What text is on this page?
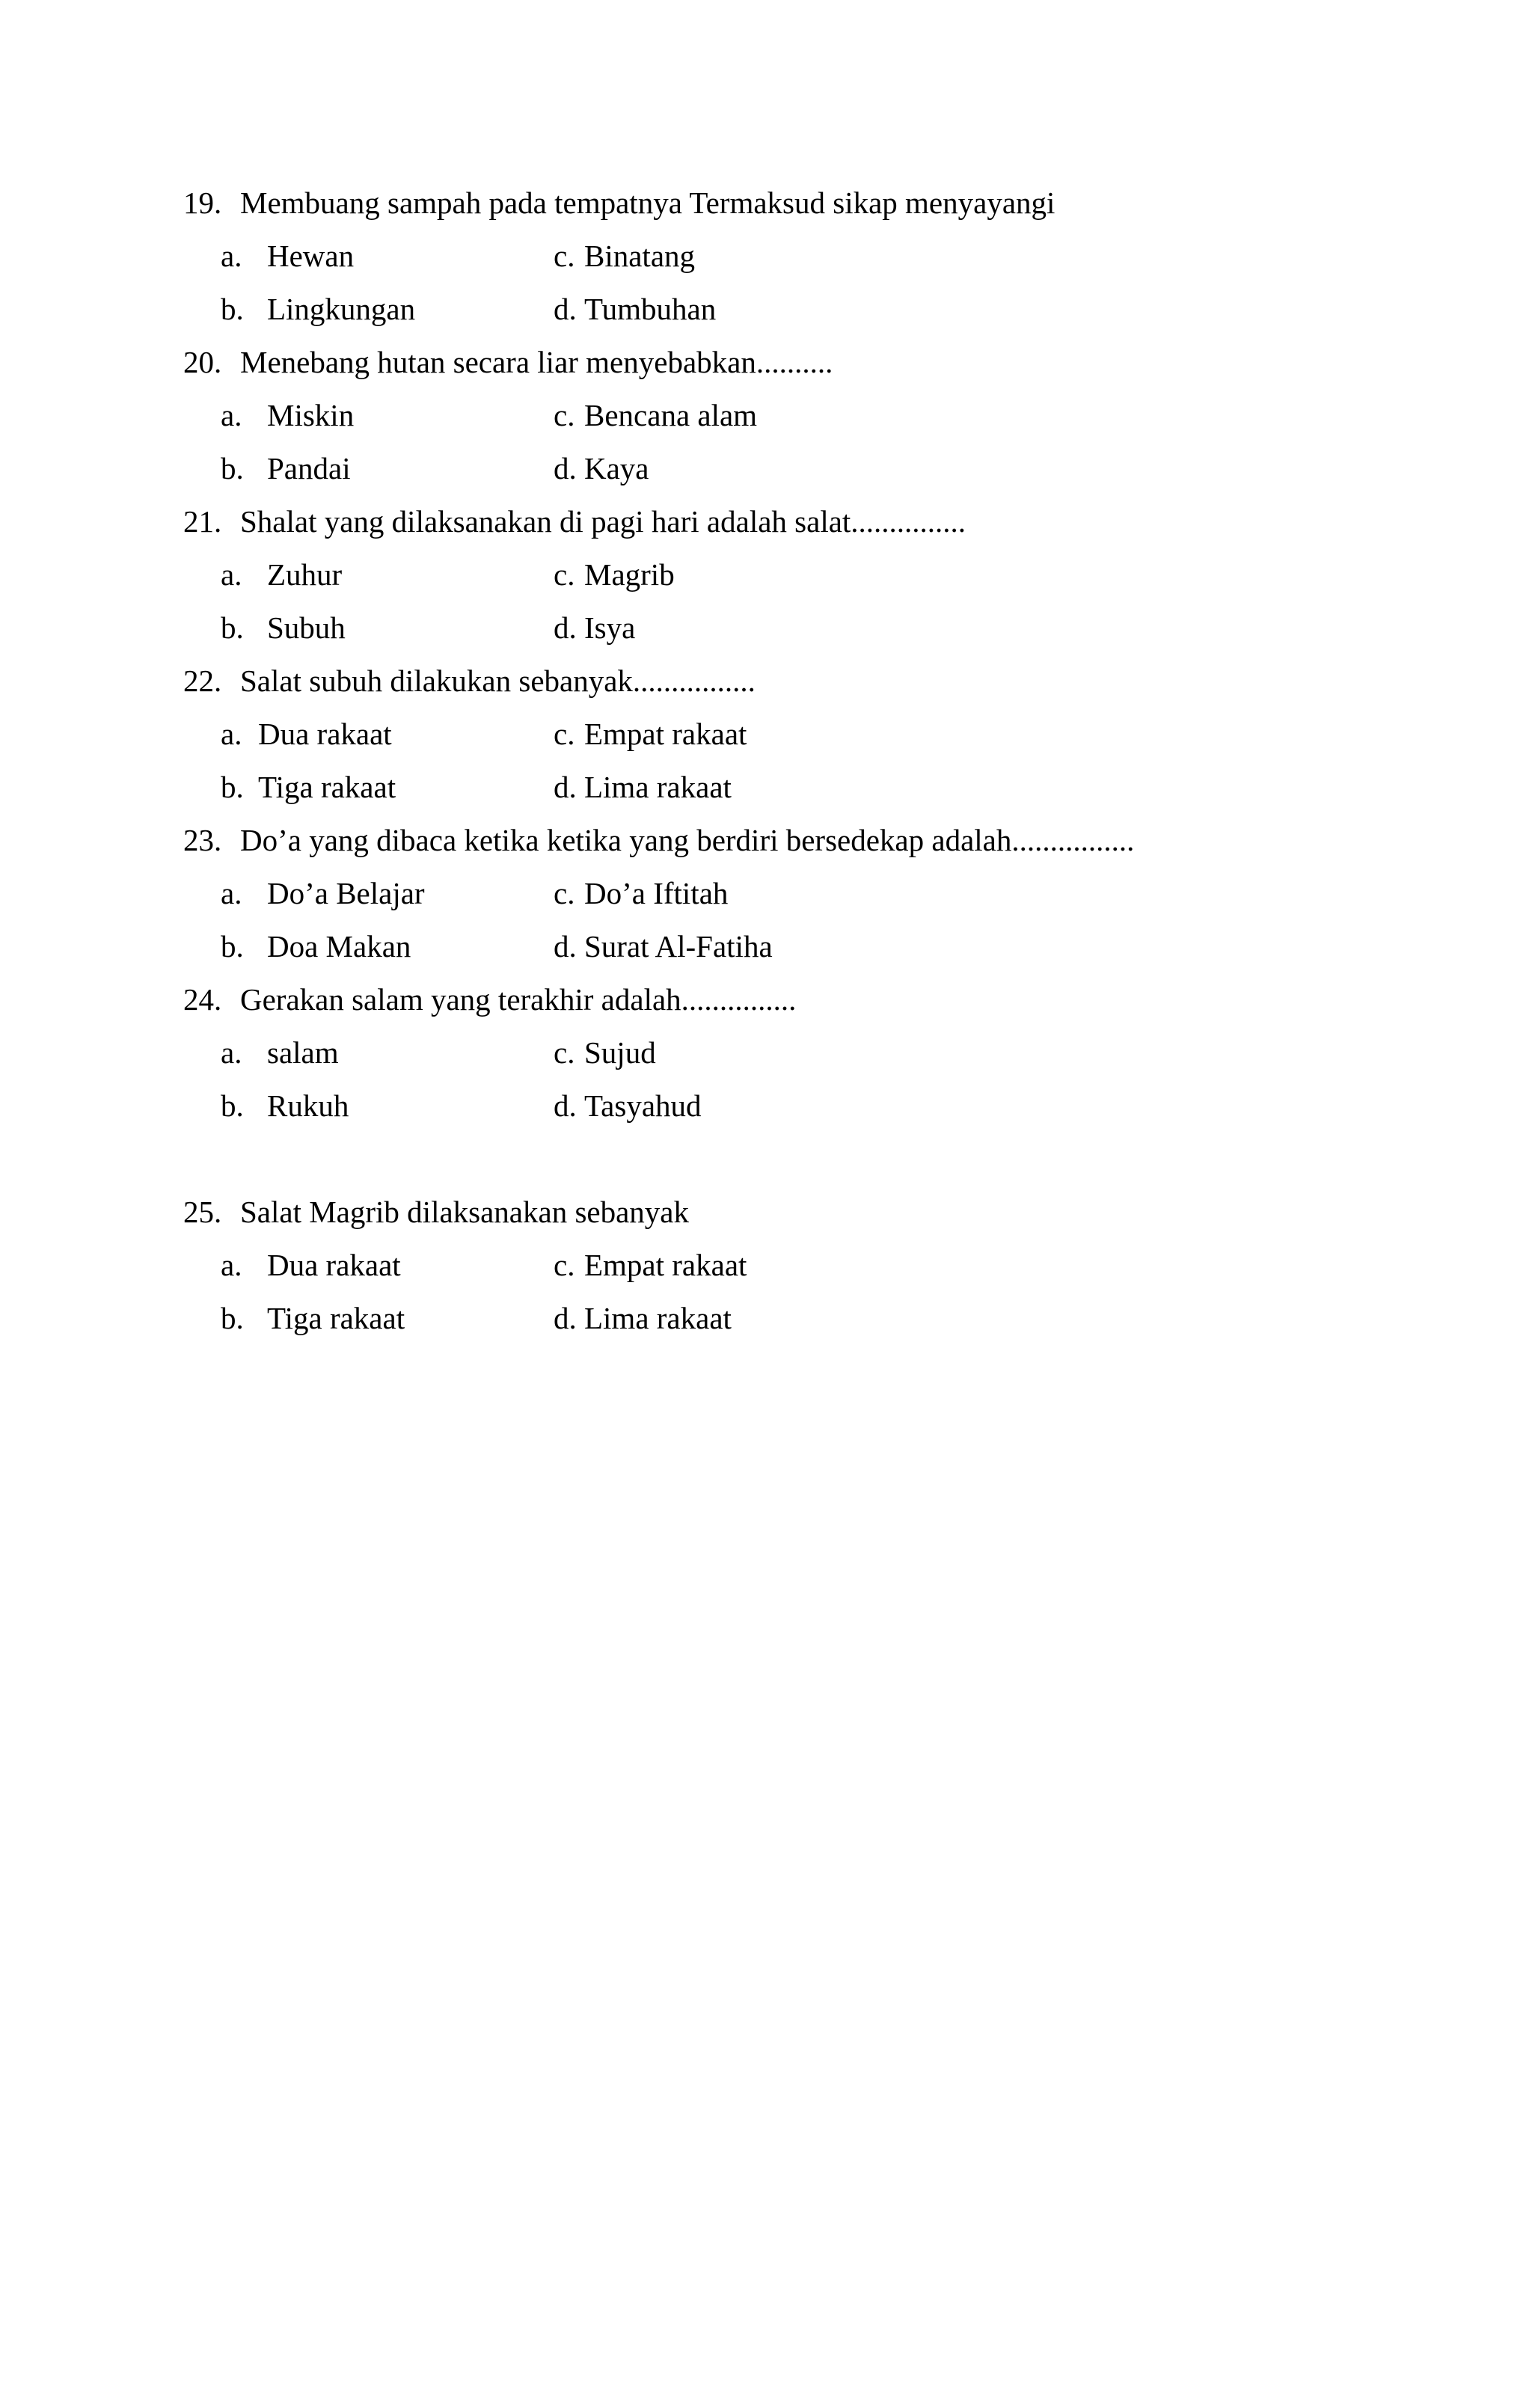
19. Membuang sampah pada tempatnya Termaksud sikap menyayangi
a. Hewan	c. Binatang
b. Lingkungan	d. Tumbuhan
20. Menebang hutan secara liar menyebabkan..........
a. Miskin	c. Bencana alam
b. Pandai	d. Kaya
21. Shalat yang dilaksanakan di pagi hari adalah salat...............
a. Zuhur	c. Magrib
b. Subuh	d. Isya
22. Salat subuh dilakukan sebanyak................
a. Dua rakaat	c. Empat rakaat
b. Tiga rakaat	d. Lima rakaat
23. Do’a yang dibaca ketika ketika yang berdiri bersedekap adalah................
a. Do’a Belajar	c. Do’a Iftitah
b. Doa Makan	d. Surat Al-Fatiha
24. Gerakan salam yang terakhir adalah...............
a. salam	c. Sujud
b. Rukuh	d. Tasyahud
25. Salat Magrib dilaksanakan sebanyak
a. Dua rakaat	c. Empat rakaat
b. Tiga rakaat	d. Lima rakaat
